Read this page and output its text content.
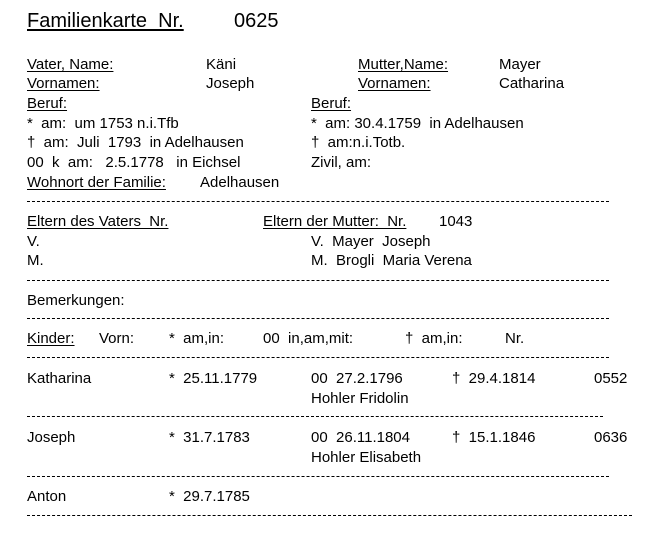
Familienkarte  Nr.	0625
Vater, Name:	Käni
Vornamen:	Joseph
Beruf:
*  am:  um 1753 n.i.Tfb
†  am:  Juli  1793  in Adelhausen
00  k  am:   2.5.1778   in Eichsel
Wohnort der Familie: Adelhausen
Mutter,Name:	Mayer
Vornamen:	Catharina
Beruf:
*  am: 30.4.1759  in Adelhausen
†  am:n.i.Totb.
Zivil, am:
Eltern des Vaters  Nr.	Eltern der Mutter:  Nr. 1043
V.	V.  Mayer  Joseph
M.	M.  Brogli  Maria Verena
Bemerkungen:
Kinder: Vorn: *  am,in:	00  in,am,mit:	†  am,in:	Nr.
Katharina	*  25.11.1779	00  27.2.1796	†  29.4.1814	0552
Hohler Fridolin
Joseph	*  31.7.1783	00  26.11.1804	†  15.1.1846	0636
Hohler Elisabeth
Anton	*  29.7.1785
